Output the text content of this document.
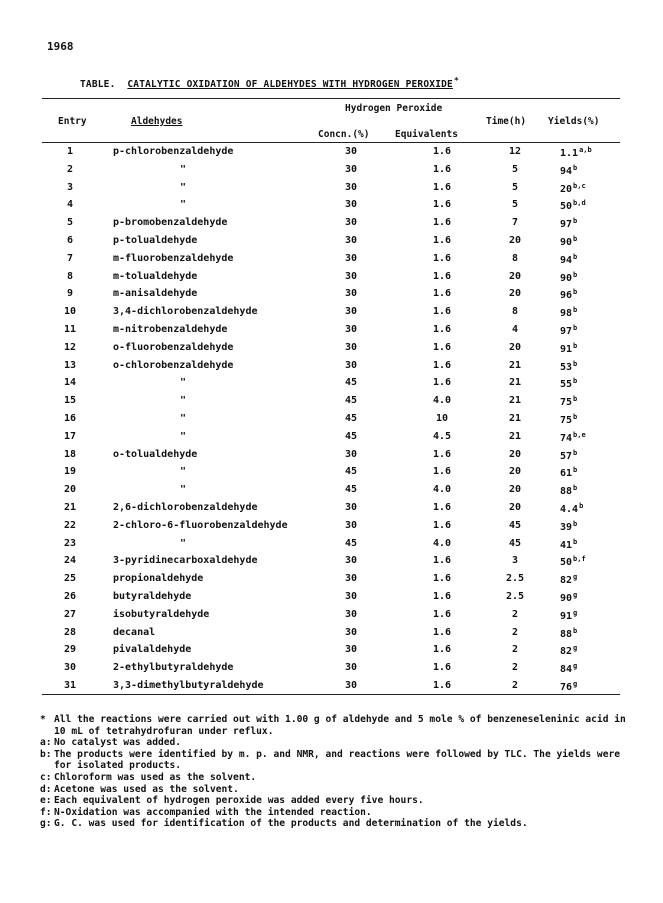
1968
TABLE. CATALYTIC OXIDATION OF ALDEHYDES WITH HYDROGEN PEROXIDE*
Hydrogen Peroxide
Entry	Aldehydes	Time(h) Yields(%)
Concn.(%)	Equivalents
1	p-chlorobenzaldehyde	30	1.6	12	1.1$^{a,b}$
2	"	30	1.6	5	94$^b$
3	"	30	1.6	5	20$^{b,c}$
4	"	30	1.6	5	50$^{b,d}$
5	p-bromobenzaldehyde	30	1.6	7	97$^b$
6	p-tolualdehyde	30	1.6	20	90$^b$
7	m-fluorobenzaldehyde	30	1.6	8	94$^b$
8	m-tolualdehyde	30	1.6	20	90$^b$
9	m-anisaldehyde	30	1.6	20	96$^b$
10	3,4-dichlorobenzaldehyde	30	1.6	8	98$^b$
11	m-nitrobenzaldehyde	30	1.6	4	97$^b$
12	o-fluorobenzaldehyde	30	1.6	20	91$^b$
13	o-chlorobenzaldehyde	30	1.6	21	53$^b$
14	"	45	1.6	21	55$^b$
15	"	45	4.0	21	75$^b$
16	"	45	10	21	75$^b$
17	"	45	4.5	21	74$^{b,e}$
18	o-tolualdehyde	30	1.6	20	57$^b$
19	"	45	1.6	20	61$^b$
20	"	45	4.0	20	88$^b$
21	2,6-dichlorobenzaldehyde	30	1.6	20	4.4$^b$
22	2-chloro-6-fluorobenzaldehyde	30	1.6	45	39$^b$
23	"	45	4.0	45	41$^b$
24	3-pyridinecarboxaldehyde	30	1.6	3	50$^{b,f}$
25	propionaldehyde	30	1.6	2.5	82$^g$
26	butyraldehyde	30	1.6	2.5	90$^g$
27	isobutyraldehyde	30	1.6	2	91$^g$
28	decanal	30	1.6	2	88$^b$
29	pivalaldehyde	30	1.6	2	82$^g$
30	2-ethylbutyraldehyde	30	1.6	2	84$^g$
31	3,3-dimethylbutyraldehyde	30	1.6	2	76$^g$
* All the reactions were carried out with 1.00 g of aldehyde and 5 mole % of benzeneseleninic acid in 10 mL of tetrahydrofuran under reflux.
a: No catalyst was added.
b: The products were identified by m. p. and NMR, and reactions were followed by TLC. The yields were for isolated products.
c: Chloroform was used as the solvent.
d: Acetone was used as the solvent.
e: Each equivalent of hydrogen peroxide was added every five hours.
f: N-Oxidation was accompanied with the intended reaction.
g: G. C. was used for identification of the products and determination of the yields.
